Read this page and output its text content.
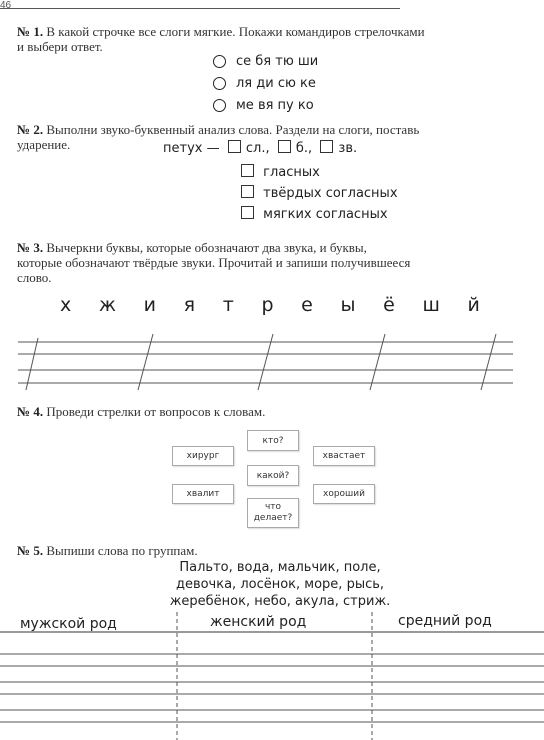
46
№ 1. В какой строчке все слоги мягкие. Покажи командиров стрелочками
и выбери ответ.
се бя тю ши
ля ди сю ке
ме вя пу ко
№ 2. Выполни звуко-буквенный анализ слова. Раздели на слоги, поставь
ударение.	петух — сл., б., зв.
гласных
твёрдых согласных
мягких согласных
№ 3. Вычеркни буквы, которые обозначают два звука, и буквы,
которые обозначают твёрдые звуки. Прочитай и запиши получившееся
слово.
х ж и я т р е ы ё ш й
№ 4. Проведи стрелки от вопросов к словам.
хирург
хвалит
кто?
какой?
что делает?
хвастает
хороший
№ 5. Выпиши слова по группам.
Пальто, вода, мальчик, поле,
девочка, лосёнок, море, рысь,
жеребёнок, небо, акула, стриж.
мужской род	женский род	средний род
